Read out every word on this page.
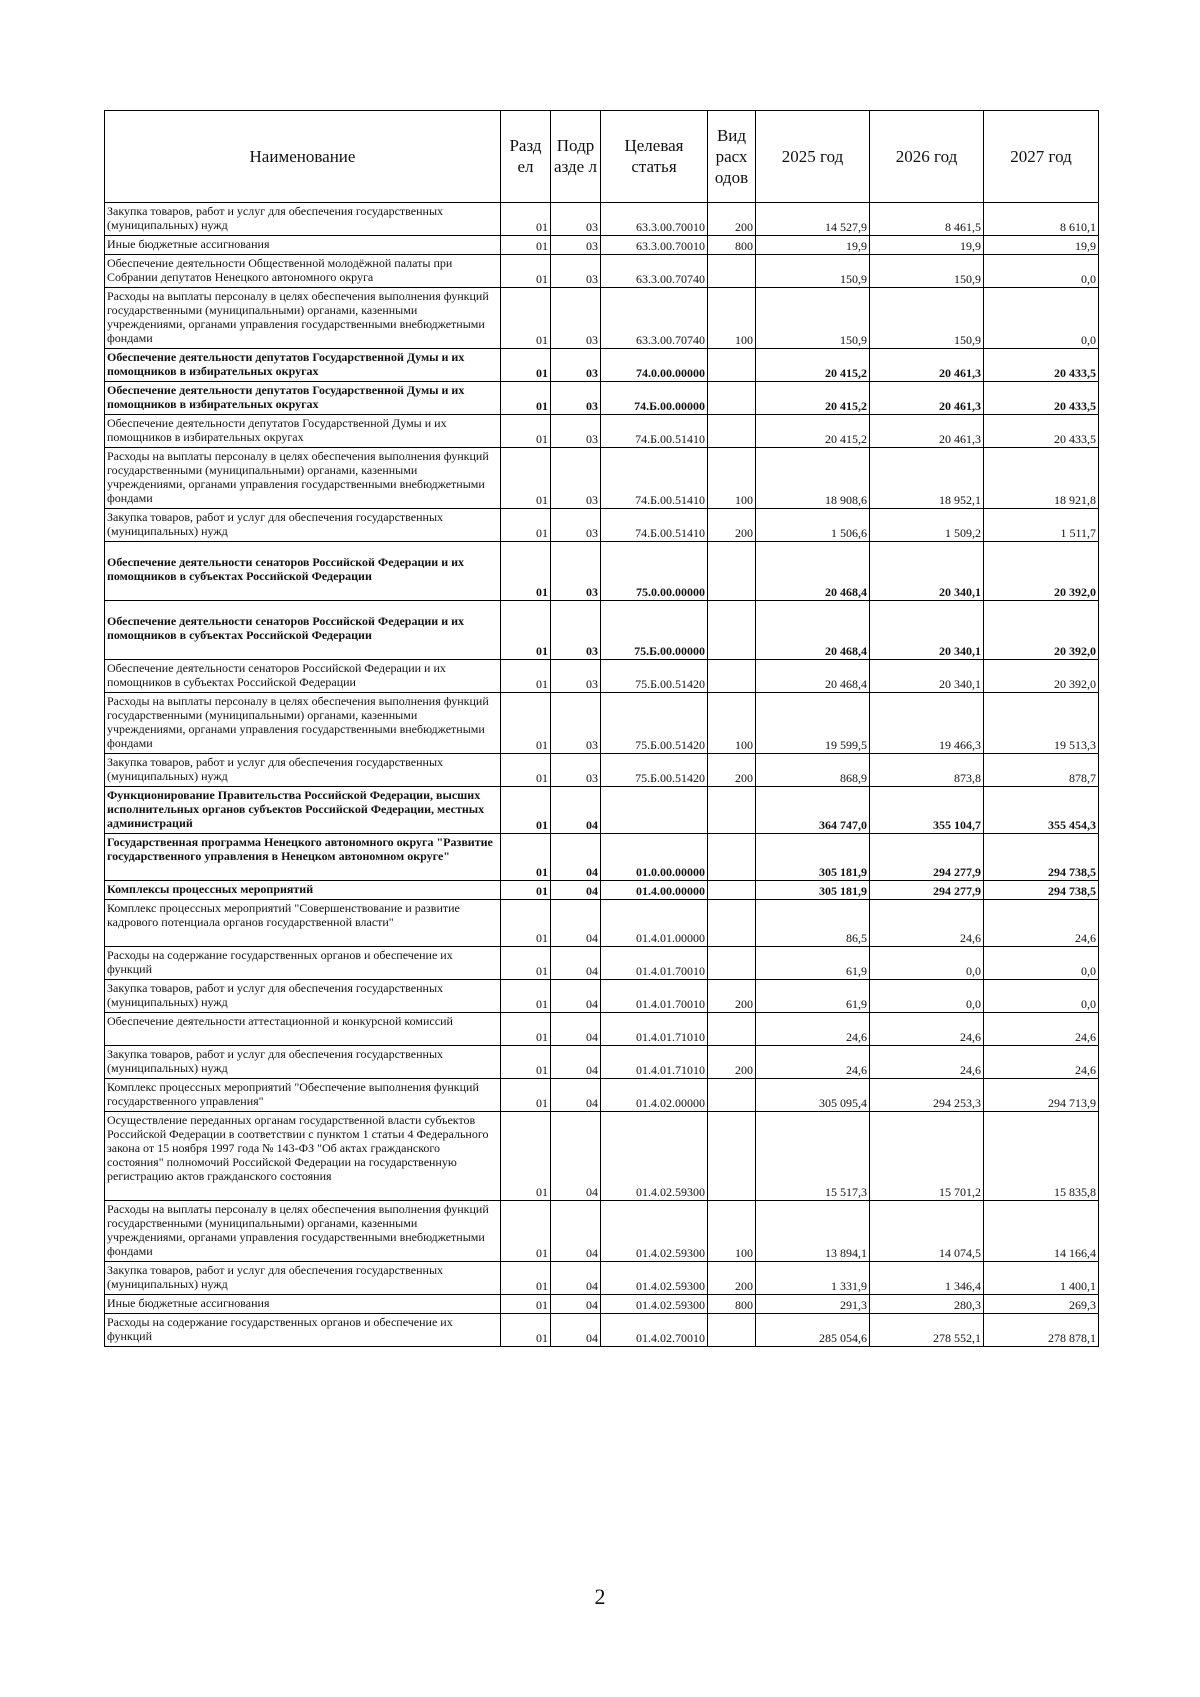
Наименование	Разд ел	Подр азде л	Целевая статья	Вид расх одов	2025 год	2026 год	2027 год
Закупка товаров, работ и услуг для обеспечения государственных (муниципальных) нужд	01	03	63.3.00.70010	200	14 527,9	8 461,5	8 610,1
Иные бюджетные ассигнования	01	03	63.3.00.70010	800	19,9	19,9	19,9
Обеспечение деятельности Общественной молодёжной палаты при Собрании депутатов Ненецкого автономного округа	01	03	63.3.00.70740		150,9	150,9	0,0
Расходы на выплаты персоналу в целях обеспечения выполнения функций государственными (муниципальными) органами, казенными учреждениями, органами управления государственными внебюджетными фондами	01	03	63.3.00.70740	100	150,9	150,9	0,0
Обеспечение деятельности депутатов Государственной Думы и их помощников в избирательных округах	01	03	74.0.00.00000		20 415,2	20 461,3	20 433,5
Обеспечение деятельности депутатов Государственной Думы и их помощников в избирательных округах	01	03	74.Б.00.00000		20 415,2	20 461,3	20 433,5
Обеспечение деятельности депутатов Государственной Думы и их помощников в избирательных округах	01	03	74.Б.00.51410		20 415,2	20 461,3	20 433,5
Расходы на выплаты персоналу в целях обеспечения выполнения функций государственными (муниципальными) органами, казенными учреждениями, органами управления государственными внебюджетными фондами	01	03	74.Б.00.51410	100	18 908,6	18 952,1	18 921,8
Закупка товаров, работ и услуг для обеспечения государственных (муниципальных) нужд	01	03	74.Б.00.51410	200	1 506,6	1 509,2	1 511,7
Обеспечение деятельности сенаторов Российской Федерации и их помощников в субъектах Российской Федерации	01	03	75.0.00.00000		20 468,4	20 340,1	20 392,0
Обеспечение деятельности сенаторов Российской Федерации и их помощников в субъектах Российской Федерации	01	03	75.Б.00.00000		20 468,4	20 340,1	20 392,0
Обеспечение деятельности сенаторов Российской Федерации и их помощников в субъектах Российской Федерации	01	03	75.Б.00.51420		20 468,4	20 340,1	20 392,0
Расходы на выплаты персоналу в целях обеспечения выполнения функций государственными (муниципальными) органами, казенными учреждениями, органами управления государственными внебюджетными фондами	01	03	75.Б.00.51420	100	19 599,5	19 466,3	19 513,3
Закупка товаров, работ и услуг для обеспечения государственных (муниципальных) нужд	01	03	75.Б.00.51420	200	868,9	873,8	878,7
Функционирование Правительства Российской Федерации, высших исполнительных органов субъектов Российской Федерации, местных администраций	01	04			364 747,0	355 104,7	355 454,3
Государственная программа Ненецкого автономного округа "Развитие государственного управления в Ненецком автономном округе"	01	04	01.0.00.00000		305 181,9	294 277,9	294 738,5
Комплексы процессных мероприятий	01	04	01.4.00.00000		305 181,9	294 277,9	294 738,5
Комплекс процессных мероприятий "Совершенствование и развитие кадрового потенциала органов государственной власти"	01	04	01.4.01.00000		86,5	24,6	24,6
Расходы на содержание государственных органов и обеспечение их функций	01	04	01.4.01.70010		61,9	0,0	0,0
Закупка товаров, работ и услуг для обеспечения государственных (муниципальных) нужд	01	04	01.4.01.70010	200	61,9	0,0	0,0
Обеспечение деятельности аттестационной и конкурсной комиссий	01	04	01.4.01.71010		24,6	24,6	24,6
Закупка товаров, работ и услуг для обеспечения государственных (муниципальных) нужд	01	04	01.4.01.71010	200	24,6	24,6	24,6
Комплекс процессных мероприятий "Обеспечение выполнения функций государственного управления"	01	04	01.4.02.00000		305 095,4	294 253,3	294 713,9
Осуществление переданных органам государственной власти субъектов Российской Федерации в соответствии с пунктом 1 статьи 4 Федерального закона от 15 ноября 1997 года № 143-ФЗ "Об актах гражданского состояния" полномочий Российской Федерации на государственную регистрацию актов гражданского состояния	01	04	01.4.02.59300		15 517,3	15 701,2	15 835,8
Расходы на выплаты персоналу в целях обеспечения выполнения функций государственными (муниципальными) органами, казенными учреждениями, органами управления государственными внебюджетными фондами	01	04	01.4.02.59300	100	13 894,1	14 074,5	14 166,4
Закупка товаров, работ и услуг для обеспечения государственных (муниципальных) нужд	01	04	01.4.02.59300	200	1 331,9	1 346,4	1 400,1
Иные бюджетные ассигнования	01	04	01.4.02.59300	800	291,3	280,3	269,3
Расходы на содержание государственных органов и обеспечение их функций	01	04	01.4.02.70010		285 054,6	278 552,1	278 878,1
2
